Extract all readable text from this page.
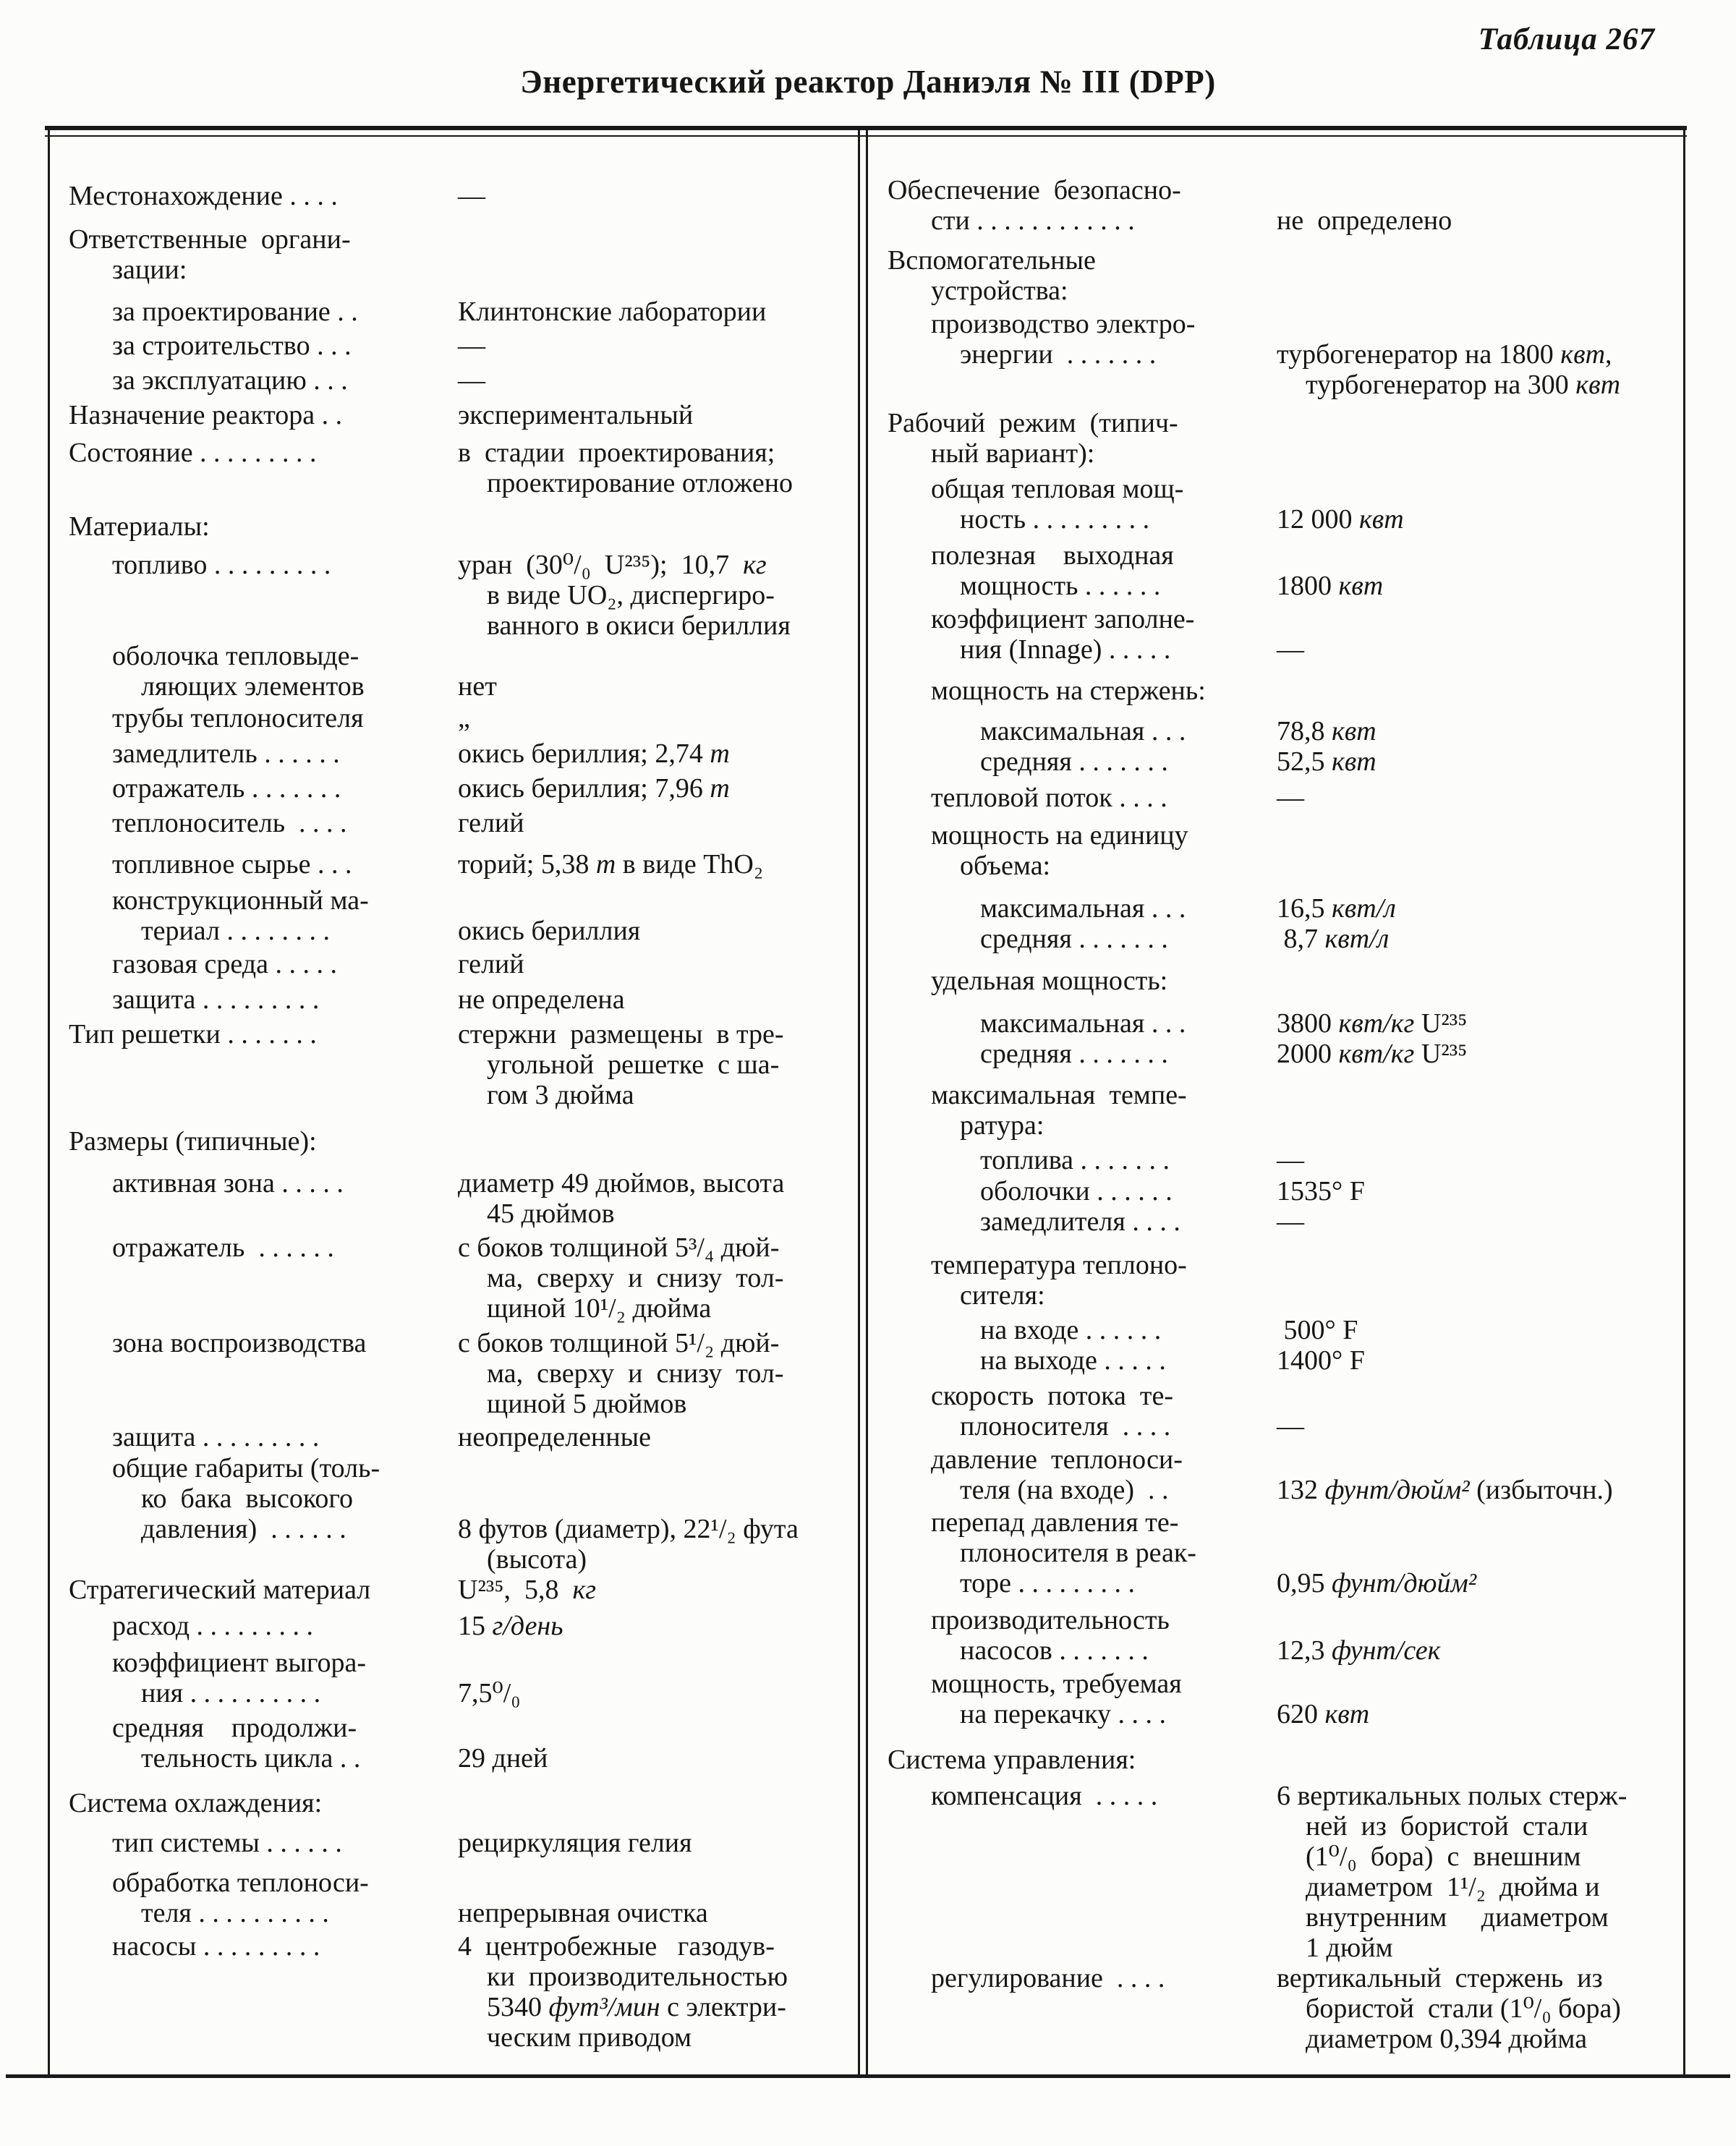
Таблица 267
Энергетический реактор Даниэля № III (DPP)
Местонахождение . . . .	—
Ответственные  органи-
зации:
за проектирование . .	Клинтонские лаборатории
за строительство . . .	—
за эксплуатацию . . .	—
Назначение реактора . .	экспериментальный
Состояние . . . . . . . . .	в  стадии  проектирования;
проектирование отложено
Материалы:
топливо . . . . . . . . .	уран  (30⁰/₀  U²³⁵);  10,7  кг
в виде UO₂, диспергиро-
ванного в окиси бериллия
оболочка тепловыде-
ляющих элементов	нет
трубы теплоносителя	„
замедлитель . . . . . .	окись бериллия; 2,74 т
отражатель . . . . . . .	окись бериллия; 7,96 т
теплоноситель  . . . .	гелий
топливное сырье . . .	торий; 5,38 т в виде ThO₂
конструкционный ма-
териал . . . . . . . .	окись бериллия
газовая среда . . . . .	гелий
защита . . . . . . . . .	не определена
Тип решетки . . . . . . .	стержни  размещены  в тре-
угольной  решетке  с ша-
гом 3 дюйма
Размеры (типичные):
активная зона . . . . .	диаметр 49 дюймов, высота
45 дюймов
отражатель  . . . . . .	с боков толщиной 5³/₄ дюй-
ма,  сверху  и  снизу  тол-
щиной 10¹/₂ дюйма
зона воспроизводства	с боков толщиной 5¹/₂ дюй-
ма,  сверху  и  снизу  тол-
щиной 5 дюймов
защита . . . . . . . . .	неопределенные
общие габариты (толь-
ко  бака  высокого
давления)  . . . . . .	8 футов (диаметр), 22¹/₂ фута
(высота)
Стратегический материал	U²³⁵,  5,8  кг
расход . . . . . . . . .	15 г/день
коэффициент выгора-
ния . . . . . . . . . .	7,5⁰/₀
средняя    продолжи-
тельность цикла . .	29 дней
Система охлаждения:
тип системы . . . . . .	рециркуляция гелия
обработка теплоноси-
теля . . . . . . . . . .	непрерывная очистка
насосы . . . . . . . . .	4  центробежные   газодув-
ки  производительностью
5340 фут³/мин с электри-
ческим приводом
Обеспечение  безопасно-
сти . . . . . . . . . . . .	не  определено
Вспомогательные
устройства:
производство электро-
энергии  . . . . . . .	турбогенератор на 1800 квт,
турбогенератор на 300 квт
Рабочий  режим  (типич-
ный вариант):
общая тепловая мощ-
ность . . . . . . . . .	12 000 квт
полезная    выходная
мощность . . . . . .	1800 квт
коэффициент заполне-
ния (Innage) . . . . .	—
мощность на стержень:
максимальная . . .	78,8 квт
средняя . . . . . . .	52,5 квт
тепловой поток . . . .	—
мощность на единицу
объема:
максимальная . . .	16,5 квт/л
средняя . . . . . . .	8,7 квт/л
удельная мощность:
максимальная . . .	3800 квт/кг U²³⁵
средняя . . . . . . .	2000 квт/кг U²³⁵
максимальная  темпе-
ратура:
топлива . . . . . . .	—
оболочки . . . . . .	1535° F
замедлителя . . . .	—
температура теплоно-
сителя:
на входе . . . . . .	500° F
на выходе . . . . .	1400° F
скорость  потока  те-
плоносителя  . . . .	—
давление  теплоноси-
теля (на входе)  . .	132 фунт/дюйм² (избыточн.)
перепад давления те-
плоносителя в реак-
торе . . . . . . . . .	0,95 фунт/дюйм²
производительность
насосов . . . . . . .	12,3 фунт/сек
мощность, требуемая
на перекачку . . . .	620 квт
Система управления:
компенсация  . . . . .	6 вертикальных полых стерж-
ней  из  бористой  стали
(1⁰/₀  бора)  с  внешним
диаметром  1¹/₂  дюйма и
внутренним     диаметром
1 дюйм
регулирование  . . . .	вертикальный  стержень  из
бористой  стали (1⁰/₀ бора)
диаметром 0,394 дюйма
